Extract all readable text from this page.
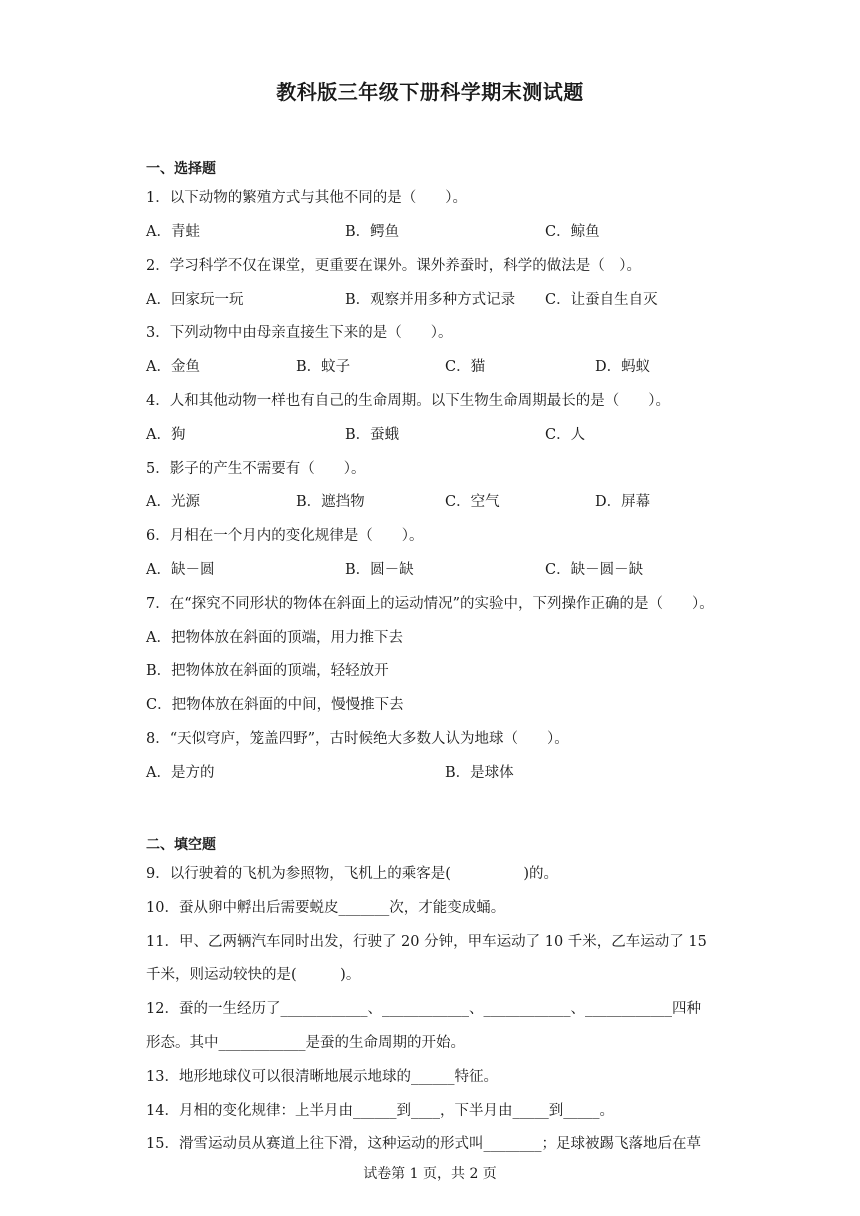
教科版三年级下册科学期末测试题
一、选择题
1．以下动物的繁殖方式与其他不同的是（　　）。
A．青蛙	B．鳄鱼	C．鲸鱼
2．学习科学不仅在课堂，更重要在课外。课外养蚕时，科学的做法是（　）。
A．回家玩一玩	B．观察并用多种方式记录 C．让蚕自生自灭
3．下列动物中由母亲直接生下来的是（　　）。
A．金鱼	B．蚊子	C．猫	D．蚂蚁
4．人和其他动物一样也有自己的生命周期。以下生物生命周期最长的是（　　）。
A．狗	B．蚕蛾	C．人
5．影子的产生不需要有（　　）。
A．光源	B．遮挡物	C．空气	D．屏幕
6．月相在一个月内的变化规律是（　　）。
A．缺－圆	B．圆－缺	C．缺－圆－缺
7．在“探究不同形状的物体在斜面上的运动情况”的实验中，下列操作正确的是（　　）。
A．把物体放在斜面的顶端，用力推下去
B．把物体放在斜面的顶端，轻轻放开
C．把物体放在斜面的中间，慢慢推下去
8．“天似穹庐，笼盖四野”，古时候绝大多数人认为地球（　　）。
A．是方的	B．是球体
二、填空题
9．以行驶着的飞机为参照物，飞机上的乘客是(　　　　　)的。
10．蚕从卵中孵出后需要蜕皮_______次，才能变成蛹。
11．甲、乙两辆汽车同时出发，行驶了 20 分钟，甲车运动了 10 千米，乙车运动了 15
千米，则运动较快的是(　　　)。
12．蚕的一生经历了____________、____________、____________、____________四种
形态。其中____________是蚕的生命周期的开始。
13．地形地球仪可以很清晰地展示地球的______特征。
14．月相的变化规律：上半月由______到____，下半月由_____到_____。
15．滑雪运动员从赛道上往下滑，这种运动的形式叫________；足球被踢飞落地后在草
试卷第 1 页，共 2 页
